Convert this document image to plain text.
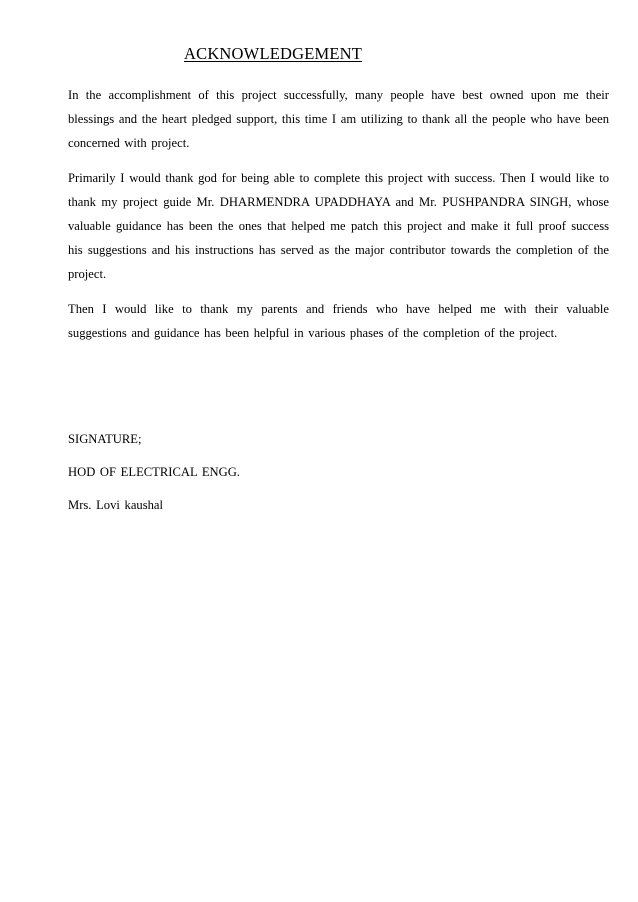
ACKNOWLEDGEMENT

In the accomplishment of this project successfully, many people have best owned upon me their blessings and the heart pledged support, this time I am utilizing to thank all the people who have been concerned with project.

Primarily I would thank god for being able to complete this project with success. Then I would like to thank my project guide Mr. DHARMENDRA UPADDHAYA and Mr. PUSHPANDRA SINGH, whose valuable guidance has been the ones that helped me patch this project and make it full proof success his suggestions and his instructions has served as the major contributor towards the completion of the project.

Then I would like to thank my parents and friends who have helped me with their valuable suggestions and guidance has been helpful in various phases of the completion of the project.

SIGNATURE;

HOD OF ELECTRICAL ENGG.

Mrs. Lovi kaushal
